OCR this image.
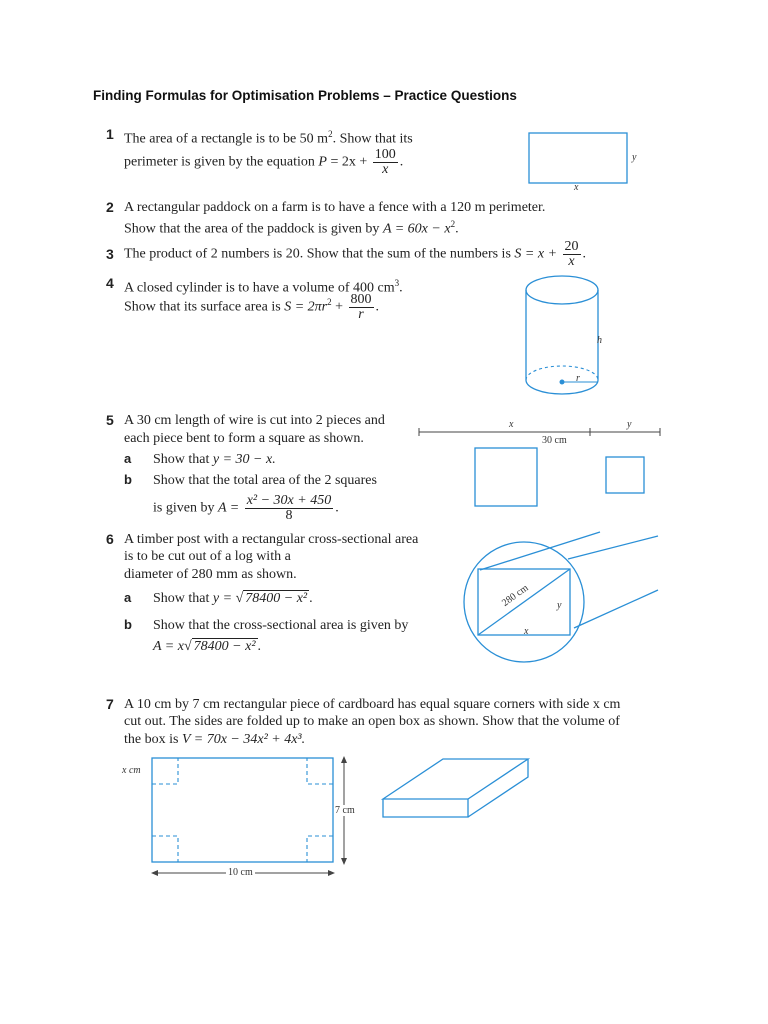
Finding Formulas for Optimisation Problems – Practice Questions
1 The area of a rectangle is to be 50 $m^2$. Show that its
perimeter is given by the equation $P = 2x + \frac{100}{x}$ .	y
x
2 A rectangular paddock on a farm is to have a fence with a 120 m perimeter.
Show that the area of the paddock is given by $A = 60x - x^2$.
3 The product of 2 numbers is 20. Show that the sum of the numbers is $S = x + \frac{20}{x}$ .
4 A closed cylinder is to have a volume of 400 $cm^3$.
Show that its surface area is $S = 2\pi r^2 + \frac{800}{r}$ .
h
r
5 A 30 cm length of wire is cut into 2 pieces and
each piece bent to form a square as shown.
a Show that y = 30 − x.
b Show that the total area of the 2 squares
is given by $A = \frac{\text{x² − 30x + 450}}{8}$ .
x	y
30 cm
6 A timber post with a rectangular cross-sectional area
is to be cut out of a log with a
diameter of 280 mm as shown.
a Show that y = √ 78400 − x² .
b Show that the cross-sectional area is given by
A = x√ 78400 − x² .
280 cm	y
x
7 A 10 cm by 7 cm rectangular piece of cardboard has equal square corners with side x cm
cut out. The sides are folded up to make an open box as shown. Show that the volume of
the box is V = 70x − 34x² + 4x³.
x cm
7 cm
10 cm
